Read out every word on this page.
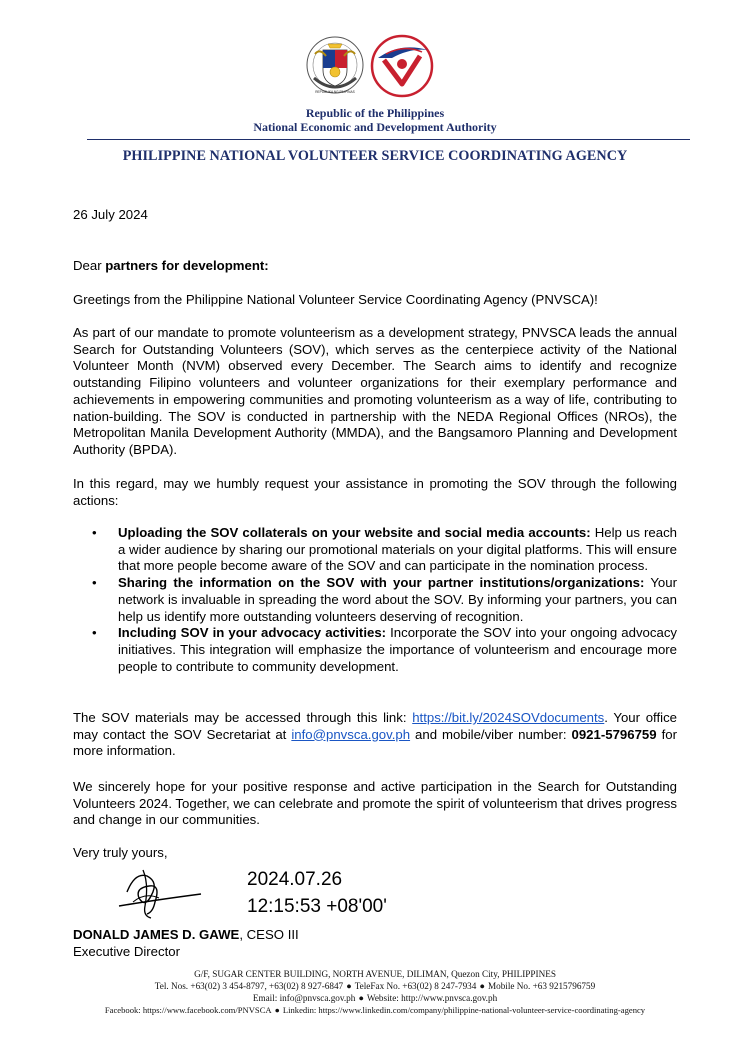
REPUBLIKA NG PILIPINAS
Republic of the Philippines
National Economic and Development Authority
PHILIPPINE NATIONAL VOLUNTEER SERVICE COORDINATING AGENCY
26 July 2024
Dear partners for development:
Greetings from the Philippine National Volunteer Service Coordinating Agency (PNVSCA)!
As part of our mandate to promote volunteerism as a development strategy, PNVSCA leads the annual Search for Outstanding Volunteers (SOV), which serves as the centerpiece activity of the National Volunteer Month (NVM) observed every December. The Search aims to identify and recognize outstanding Filipino volunteers and volunteer organizations for their exemplary performance and achievements in empowering communities and promoting volunteerism as a way of life, contributing to nation-building. The SOV is conducted in partnership with the NEDA Regional Offices (NROs), the Metropolitan Manila Development Authority (MMDA), and the Bangsamoro Planning and Development Authority (BPDA).
In this regard, may we humbly request your assistance in promoting the SOV through the following actions:
• Uploading the SOV collaterals on your website and social media accounts: Help us reach a wider audience by sharing our promotional materials on your digital platforms. This will ensure that more people become aware of the SOV and can participate in the nomination process.
• Sharing the information on the SOV with your partner institutions/organizations: Your network is invaluable in spreading the word about the SOV. By informing your partners, you can help us identify more outstanding volunteers deserving of recognition.
• Including SOV in your advocacy activities: Incorporate the SOV into your ongoing advocacy initiatives. This integration will emphasize the importance of volunteerism and encourage more people to contribute to community development.
The SOV materials may be accessed through this link: https://bit.ly/2024SOVdocuments. Your office may contact the SOV Secretariat at info@pnvsca.gov.ph and mobile/viber number: 0921-5796759 for more information.
We sincerely hope for your positive response and active participation in the Search for Outstanding Volunteers 2024. Together, we can celebrate and promote the spirit of volunteerism that drives progress and change in our communities.
Very truly yours,
2024.07.26
12:15:53 +08'00'
DONALD JAMES D. GAWE, CESO III
Executive Director
G/F, SUGAR CENTER BUILDING, NORTH AVENUE, DILIMAN, Quezon City, PHILIPPINES
Tel. Nos. +63(02) 3 454-8797, +63(02) 8 927-6847 ● TeleFax No. +63(02) 8 247-7934 ● Mobile No. +63 9215796759
Email: info@pnvsca.gov.ph ● Website: http://www.pnvsca.gov.ph
Facebook: https://www.facebook.com/PNVSCA ● Linkedin: https://www.linkedin.com/company/philippine-national-volunteer-service-coordinating-agency
